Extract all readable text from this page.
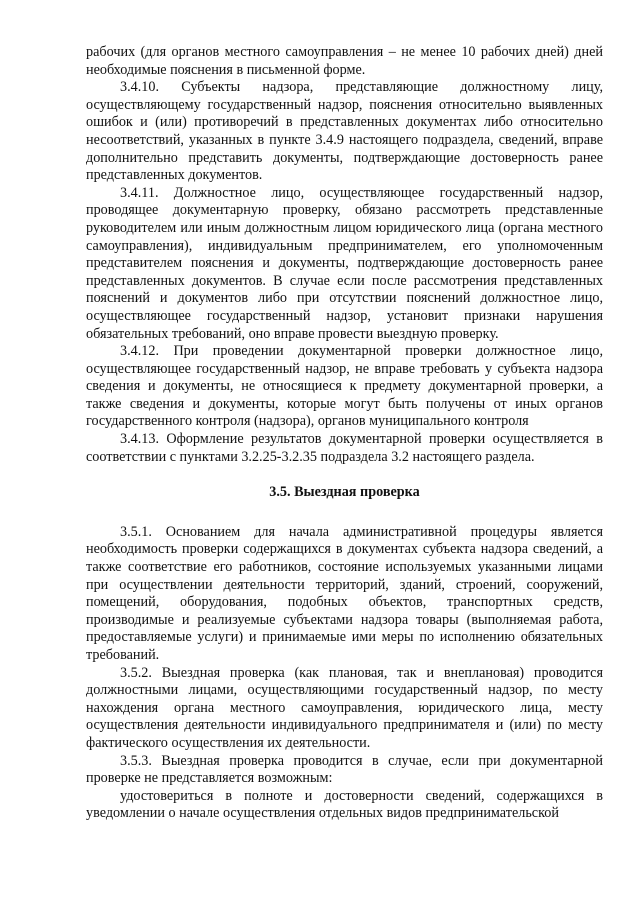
рабочих (для органов местного самоуправления – не менее 10 рабочих дней) дней необходимые пояснения в письменной форме.

3.4.10. Субъекты надзора, представляющие должностному лицу, осуществляющему государственный надзор, пояснения относительно выявленных ошибок и (или) противоречий в представленных документах либо относительно несоответствий, указанных в пункте 3.4.9 настоящего подраздела, сведений, вправе дополнительно представить документы, подтверждающие достоверность ранее представленных документов.

3.4.11. Должностное лицо, осуществляющее государственный надзор, проводящее документарную проверку, обязано рассмотреть представленные руководителем или иным должностным лицом юридического лица (органа местного самоуправления), индивидуальным предпринимателем, его уполномоченным представителем пояснения и документы, подтверждающие достоверность ранее представленных документов. В случае если после рассмотрения представленных пояснений и документов либо при отсутствии пояснений должностное лицо, осуществляющее государственный надзор, установит признаки нарушения обязательных требований, оно вправе провести выездную проверку.

3.4.12. При проведении документарной проверки должностное лицо, осуществляющее государственный надзор, не вправе требовать у субъекта надзора сведения и документы, не относящиеся к предмету документарной проверки, а также сведения и документы, которые могут быть получены от иных органов государственного контроля (надзора), органов муниципального контроля

3.4.13. Оформление результатов документарной проверки осуществляется в соответствии с пунктами 3.2.25-3.2.35 подраздела 3.2 настоящего раздела.

3.5. Выездная проверка

3.5.1. Основанием для начала административной процедуры является необходимость проверки содержащихся в документах субъекта надзора сведений, а также соответствие его работников, состояние используемых указанными лицами при осуществлении деятельности территорий, зданий, строений, сооружений, помещений, оборудования, подобных объектов, транспортных средств, производимые и реализуемые субъектами надзора товары (выполняемая работа, предоставляемые услуги) и принимаемые ими меры по исполнению обязательных требований.

3.5.2. Выездная проверка (как плановая, так и внеплановая) проводится должностными лицами, осуществляющими государственный надзор, по месту нахождения органа местного самоуправления, юридического лица, месту осуществления деятельности индивидуального предпринимателя и (или) по месту фактического осуществления их деятельности.

3.5.3. Выездная проверка проводится в случае, если при документарной проверке не представляется возможным:

удостовериться в полноте и достоверности сведений, содержащихся в уведомлении о начале осуществления отдельных видов предпринимательской
